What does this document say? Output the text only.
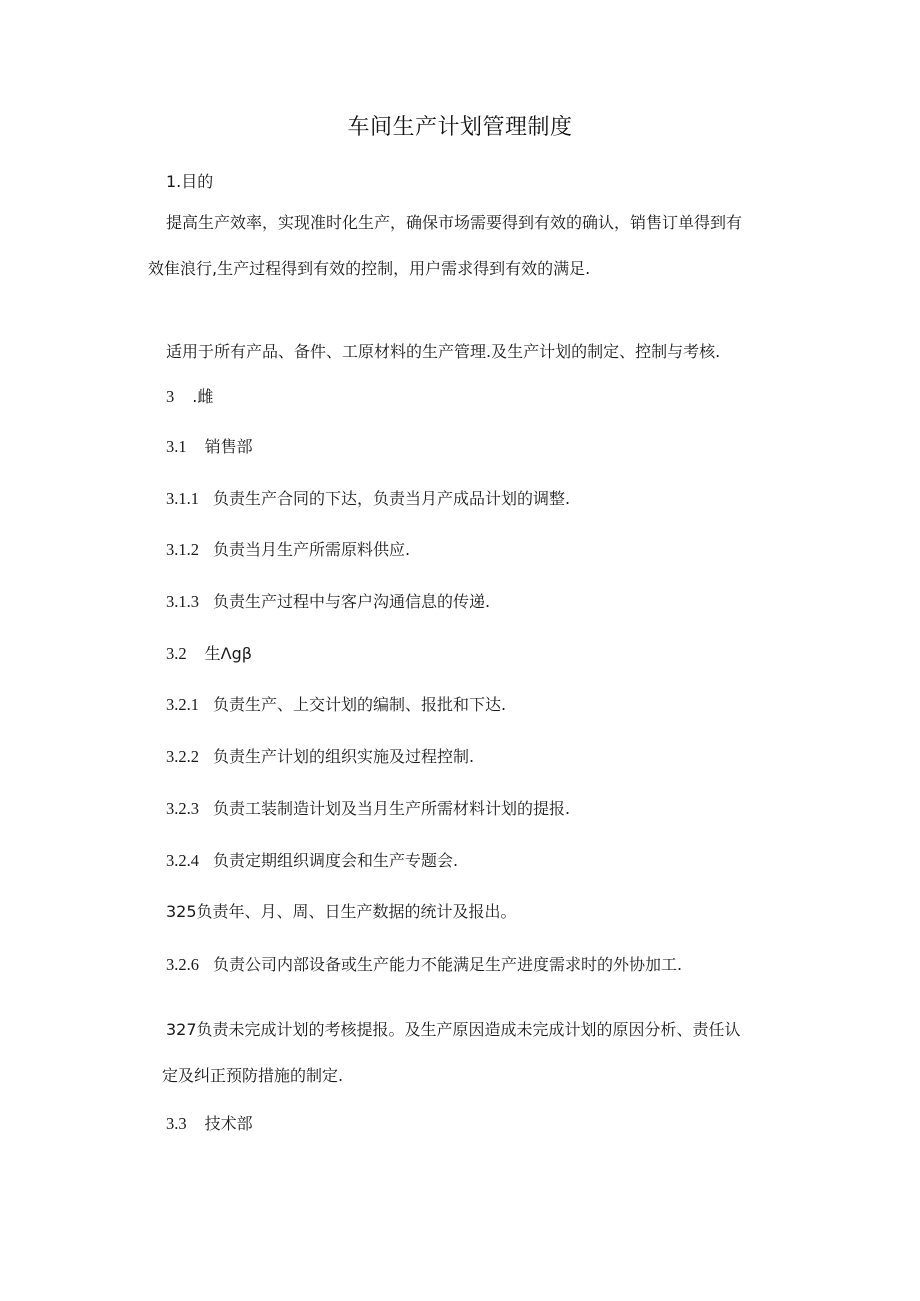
车间生产计划管理制度
1.目的
提高生产效率，实现准时化生产，确保市场需要得到有效的确认，销售订单得到有
效隹浪行,生产过程得到有效的控制，用户需求得到有效的满足.
适用于所有产品、备件、工原材料的生产管理.及生产计划的制定、控制与考核.
3 .雌
3.1 销售部
3.1.1 负责生产合同的下达，负责当月产成品计划的调整.
3.1.2 负责当月生产所需原料供应.
3.1.3 负责生产过程中与客户沟通信息的传递.
3.2 生Λgβ
3.2.1 负责生产、上交计划的编制、报批和下达.
3.2.2 负责生产计划的组织实施及过程控制.
3.2.3 负责工装制造计划及当月生产所需材料计划的提报.
3.2.4 负责定期组织调度会和生产专题会.
325负责年、月、周、日生产数据的统计及报出。
3.2.6 负责公司内部设备或生产能力不能满足生产进度需求时的外协加工.
327负责未完成计划的考核提报。及生产原因造成未完成计划的原因分析、责任认
定及纠正预防措施的制定.
3.3 技术部
